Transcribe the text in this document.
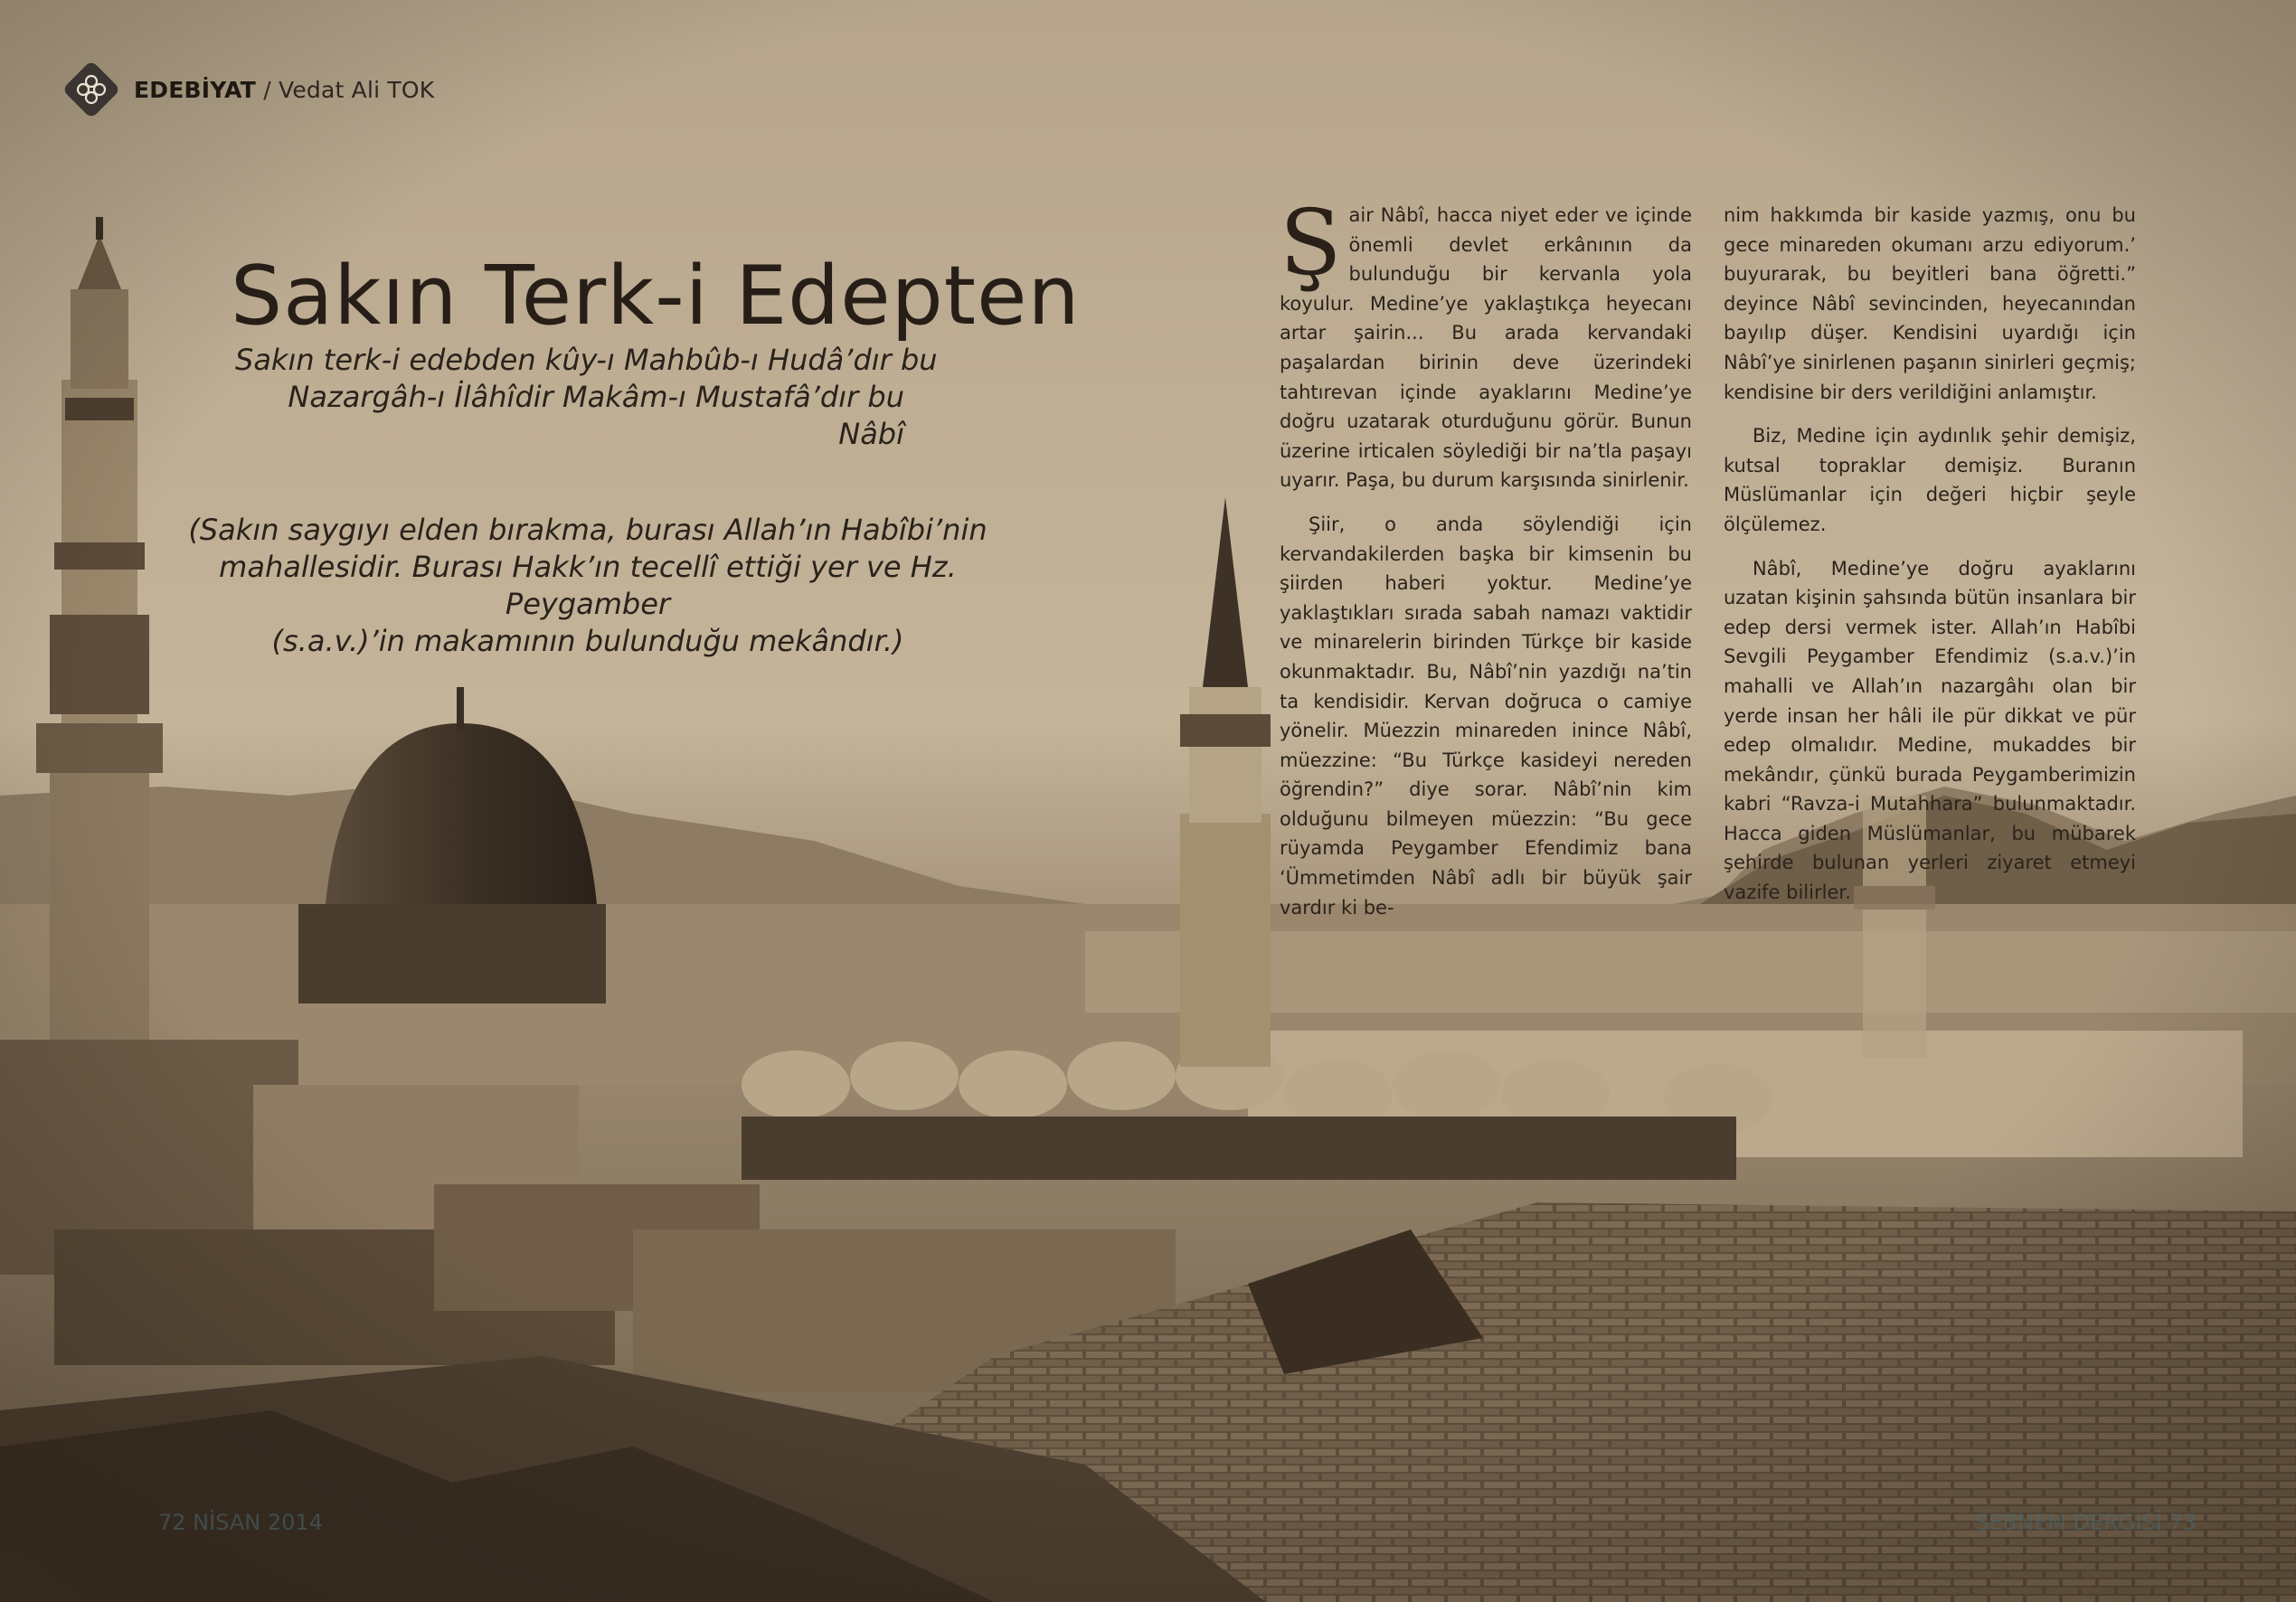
EDEBİYAT / Vedat Ali TOK
Sakın Terk-i Edepten
Sakın terk-i edebden kûy-ı Mahbûb-ı Hudâ’dır bu
Nazargâh-ı İlâhîdir Makâm-ı Mustafâ’dır bu
Nâbî
(Sakın saygıyı elden bırakma, burası Allah’ın Habîbi’nin
mahallesidir. Burası Hakk’ın tecellî ettiği yer ve Hz. Peygamber
(s.a.v.)’in makamının bulunduğu mekândır.)

Şair Nâbî, hacca niyet eder ve içinde önemli devlet erkânının da bulunduğu bir kervanla yola koyulur. Medine’ye yaklaştıkça heyecanı artar şairin... Bu arada kervandaki paşalardan birinin deve üzerindeki tahtırevan içinde ayaklarını Medine’ye doğru uzatarak oturduğunu görür. Bunun üzerine irticalen söylediği bir na’tla paşayı uyarır. Paşa, bu durum karşısında sinirlenir.

Şiir, o anda söylendiği için kervandakilerden başka bir kimsenin bu şiirden haberi yoktur. Medine’ye yaklaştıkları sırada sabah namazı vaktidir ve minarelerin birinden Türkçe bir kaside okunmaktadır. Bu, Nâbî’nin yazdığı na’tin ta kendisidir. Kervan doğruca o camiye yönelir. Müezzin minareden inince Nâbî, müezzine: “Bu Türkçe kasideyi nereden öğrendin?” diye sorar. Nâbî’nin kim olduğunu bilmeyen müezzin: “Bu gece rüyamda Peygamber Efendimiz bana ‘Ümmetimden Nâbî adlı bir büyük şair vardır ki be-

nim hakkımda bir kaside yazmış, onu bu gece minareden okumanı arzu ediyorum.’ buyurarak, bu beyitleri bana öğretti.” deyince Nâbî sevincinden, heyecanından bayılıp düşer. Kendisini uyardığı için Nâbî’ye sinirlenen paşanın sinirleri geçmiş; kendisine bir ders verildiğini anlamıştır.

Biz, Medine için aydınlık şehir demişiz, kutsal topraklar demişiz. Buranın Müslümanlar için değeri hiçbir şeyle ölçülemez.

Nâbî, Medine’ye doğru ayaklarını uzatan kişinin şahsında bütün insanlara bir edep dersi vermek ister. Allah’ın Habîbi Sevgili Peygamber Efendimiz (s.a.v.)’in mahalli ve Allah’ın nazargâhı olan bir yerde insan her hâli ile pür dikkat ve pür edep olmalıdır. Medine, mukaddes bir mekândır, çünkü burada Peygamberimizin kabri “Ravza-i Mutahhara” bulunmaktadır. Hacca giden Müslümanlar, bu mübarek şehirde bulunan yerleri ziyaret etmeyi vazife bilirler.

72 NİSAN 2014	ŞEBNEM DERGİSİ 73
